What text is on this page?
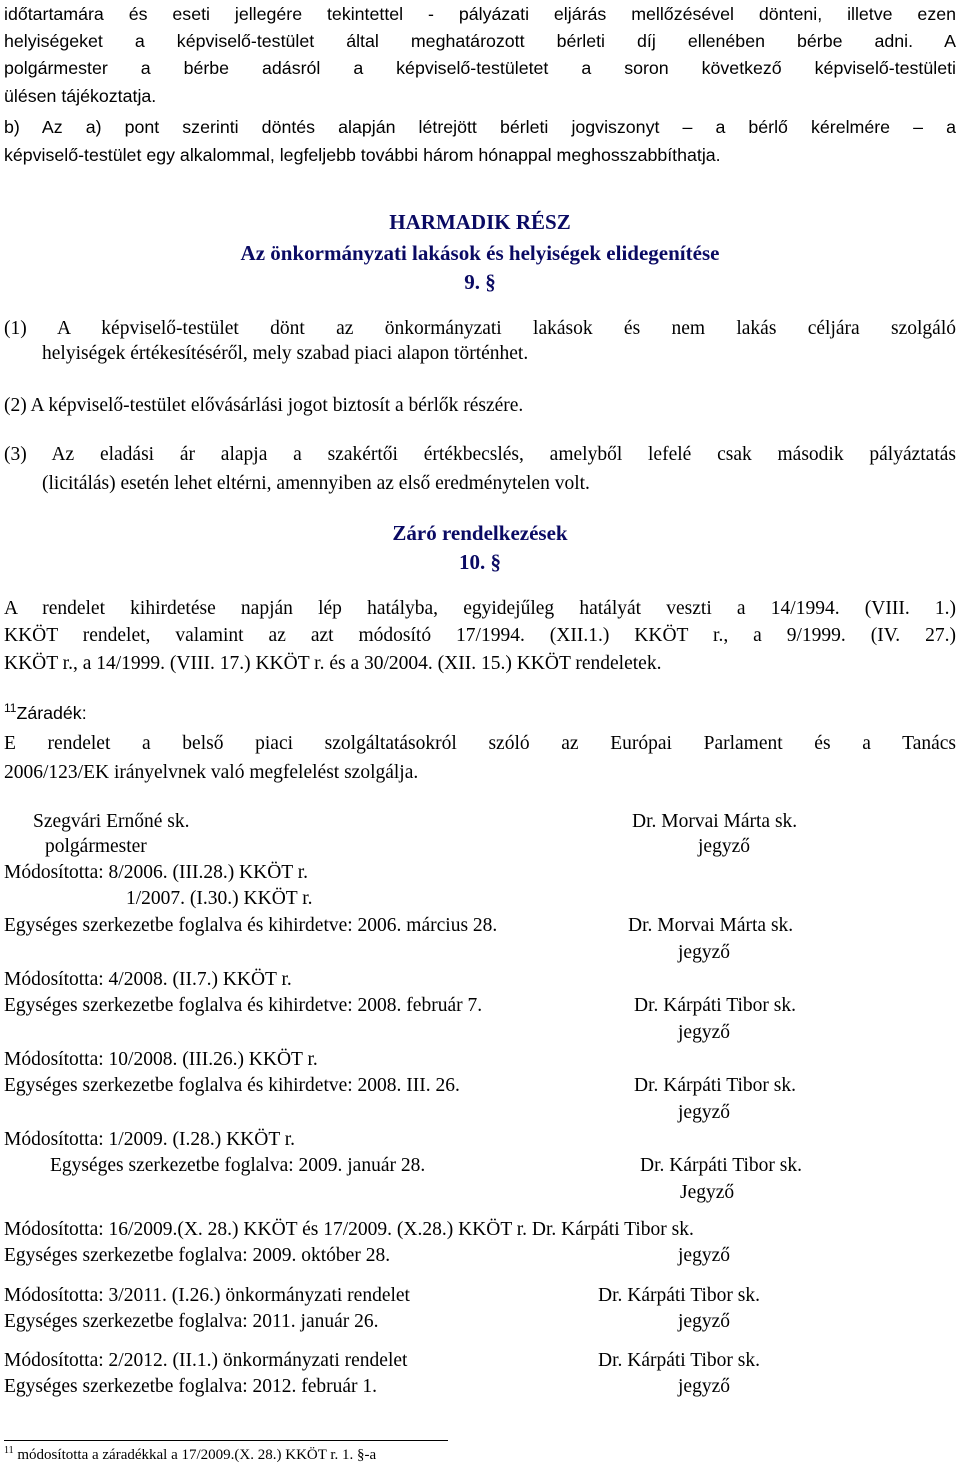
időtartamára és eseti jellegére tekintettel - pályázati eljárás mellőzésével dönteni, illetve ezen

helyiségeket a képviselő-testület által meghatározott bérleti díj ellenében bérbe adni. A

polgármester a bérbe adásról a képviselő-testületet a soron következő képviselő-testületi

ülésen tájékoztatja.

b) Az a) pont szerinti döntés alapján létrejött bérleti jogviszonyt – a bérlő kérelmére – a

képviselő-testület egy alkalommal, legfeljebb további három hónappal meghosszabbíthatja.

HARMADIK RÉSZ

Az önkormányzati lakások és helyiségek elidegenítése

9. §

(1) A képviselő-testület dönt az önkormányzati lakások és nem lakás céljára szolgáló

helyiségek értékesítéséről, mely szabad piaci alapon történhet.

(2) A képviselő-testület elővásárlási jogot biztosít a bérlők részére.

(3) Az eladási ár alapja a szakértői értékbecslés, amelyből lefelé csak második pályáztatás

(licitálás) esetén lehet eltérni, amennyiben az első eredménytelen volt.

Záró rendelkezések

10. §

A rendelet kihirdetése napján lép hatályba, egyidejűleg hatályát veszti a 14/1994. (VIII. 1.)

KKÖT rendelet, valamint az azt módosító 17/1994. (XII.1.) KKÖT r., a 9/1999. (IV. 27.)

KKÖT r., a 14/1999. (VIII. 17.) KKÖT r. és a 30/2004. (XII. 15.) KKÖT rendeletek.

$^{11}$Záradék:

E rendelet a belső piaci szolgáltatásokról szóló az Európai Parlament és a Tanács

2006/123/EK irányelvnek való megfelelést szolgálja.

Szegvári Ernőné sk.	Dr. Morvai Márta sk.

polgármester	jegyző

Módosította: 8/2006. (III.28.) KKÖT r.

1/2007. (I.30.) KKÖT r.

Egységes szerkezetbe foglalva és kihirdetve: 2006. március 28.	Dr. Morvai Márta sk.

jegyző

Módosította: 4/2008. (II.7.) KKÖT r.

Egységes szerkezetbe foglalva és kihirdetve: 2008. február 7.	Dr. Kárpáti Tibor sk.

jegyző

Módosította: 10/2008. (III.26.) KKÖT r.

Egységes szerkezetbe foglalva és kihirdetve: 2008. III. 26.	Dr. Kárpáti Tibor sk.

jegyző

Módosította: 1/2009. (I.28.) KKÖT r.

Egységes szerkezetbe foglalva: 2009. január 28.	Dr. Kárpáti Tibor sk.

Jegyző

Módosította: 16/2009.(X. 28.) KKÖT és 17/2009. (X.28.) KKÖT r. Dr. Kárpáti Tibor sk.

Egységes szerkezetbe foglalva: 2009. október 28.	jegyző

Módosította: 3/2011. (I.26.) önkormányzati rendelet	Dr. Kárpáti Tibor sk.

Egységes szerkezetbe foglalva: 2011. január 26.	jegyző

Módosította: 2/2012. (II.1.) önkormányzati rendelet	Dr. Kárpáti Tibor sk.

Egységes szerkezetbe foglalva: 2012. február 1.	jegyző

$^{11}$ módosította a záradékkal a 17/2009.(X. 28.) KKÖT r. 1. §-a
